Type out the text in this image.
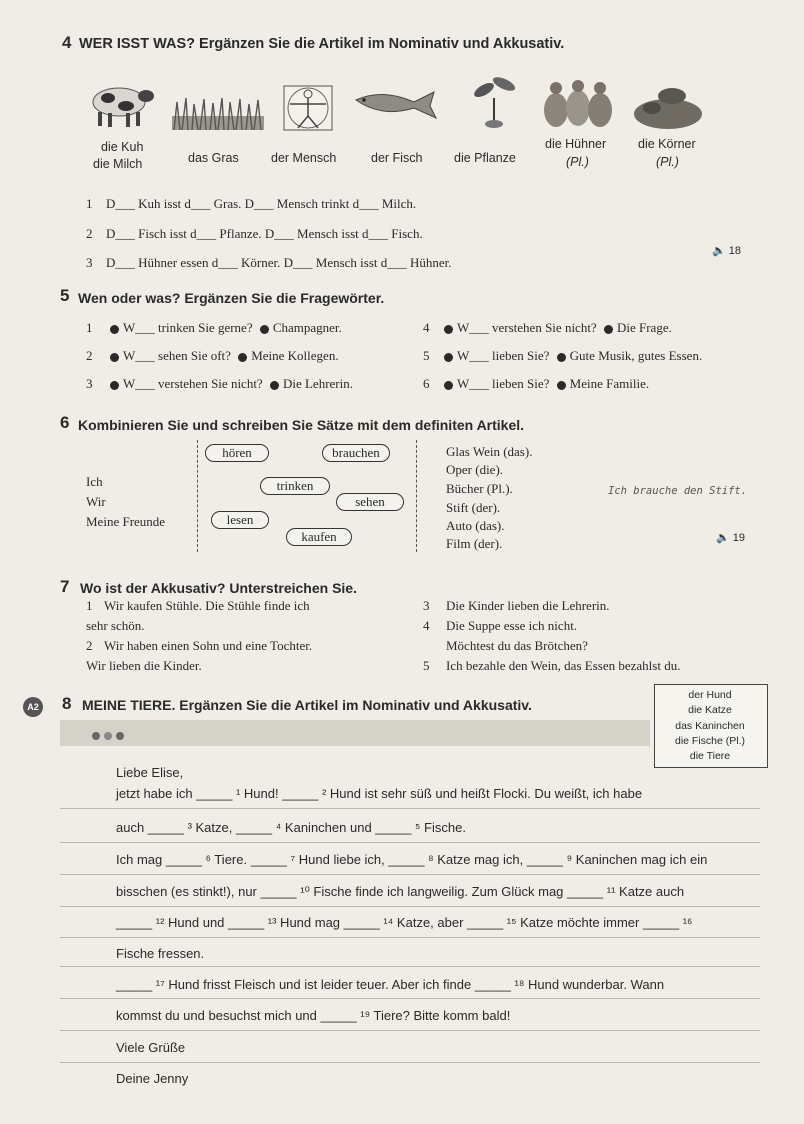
4 WER ISST WAS? Ergänzen Sie die Artikel im Nominativ und Akkusativ.
die Kuh
die Milch	das Gras	der Mensch	der Fisch	die Pflanze
die Hühner
(Pl.)
die Körner
(Pl.)
1 D___ Kuh isst d___ Gras. D___ Mensch trinkt d___ Milch.
2 D___ Fisch isst d___ Pflanze. D___ Mensch isst d___ Fisch.
3 D___ Hühner essen d___ Körner. D___ Mensch isst d___ Hühner.
🔈 18
5 Wen oder was? Ergänzen Sie die Fragewörter.
1	W___ trinken Sie gerne? Champagner.
2	W___ sehen Sie oft? Meine Kollegen.
3	W___ verstehen Sie nicht? Die Lehrerin.
4	W___ verstehen Sie nicht? Die Frage.
5	W___ lieben Sie? Gute Musik, gutes Essen.
6	W___ lieben Sie? Meine Familie.
6 Kombinieren Sie und schreiben Sie Sätze mit dem definiten Artikel.
Ich
Wir
Meine Freunde
hören	brauchen
trinken
sehen
lesen
kaufen
Glas Wein (das).
Oper (die).
Bücher (Pl.).
Stift (der).
Auto (das).
Film (der).
Ich brauche den Stift.
🔈 19
7 Wo ist der Akkusativ? Unterstreichen Sie.
1 Wir kaufen Stühle. Die Stühle finde ich
sehr schön.
2 Wir haben einen Sohn und eine Tochter.
Wir lieben die Kinder.
3 Die Kinder lieben die Lehrerin.
4 Die Suppe esse ich nicht.
Möchtest du das Brötchen?
5 Ich bezahle den Wein, das Essen bezahlst du.
A2 8 MEINE TIERE. Ergänzen Sie die Artikel im Nominativ und Akkusativ.
der Hund
die Katze
das Kaninchen
die Fische (Pl.)
die Tiere
Liebe Elise,
jetzt habe ich _____ ¹ Hund! _____ ² Hund ist sehr süß und heißt Flocki. Du weißt, ich habe
auch _____ ³ Katze, _____ ⁴ Kaninchen und _____ ⁵ Fische.
Ich mag _____ ⁶ Tiere. _____ ⁷ Hund liebe ich, _____ ⁸ Katze mag ich, _____ ⁹ Kaninchen mag ich ein
bisschen (es stinkt!), nur _____ ¹⁰ Fische finde ich langweilig. Zum Glück mag _____ ¹¹ Katze auch
_____ ¹² Hund und _____ ¹³ Hund mag _____ ¹⁴ Katze, aber _____ ¹⁵ Katze möchte immer _____ ¹⁶
Fische fressen.
_____ ¹⁷ Hund frisst Fleisch und ist leider teuer. Aber ich finde _____ ¹⁸ Hund wunderbar. Wann
kommst du und besuchst mich und _____ ¹⁹ Tiere? Bitte komm bald!
Viele Grüße
Deine Jenny
